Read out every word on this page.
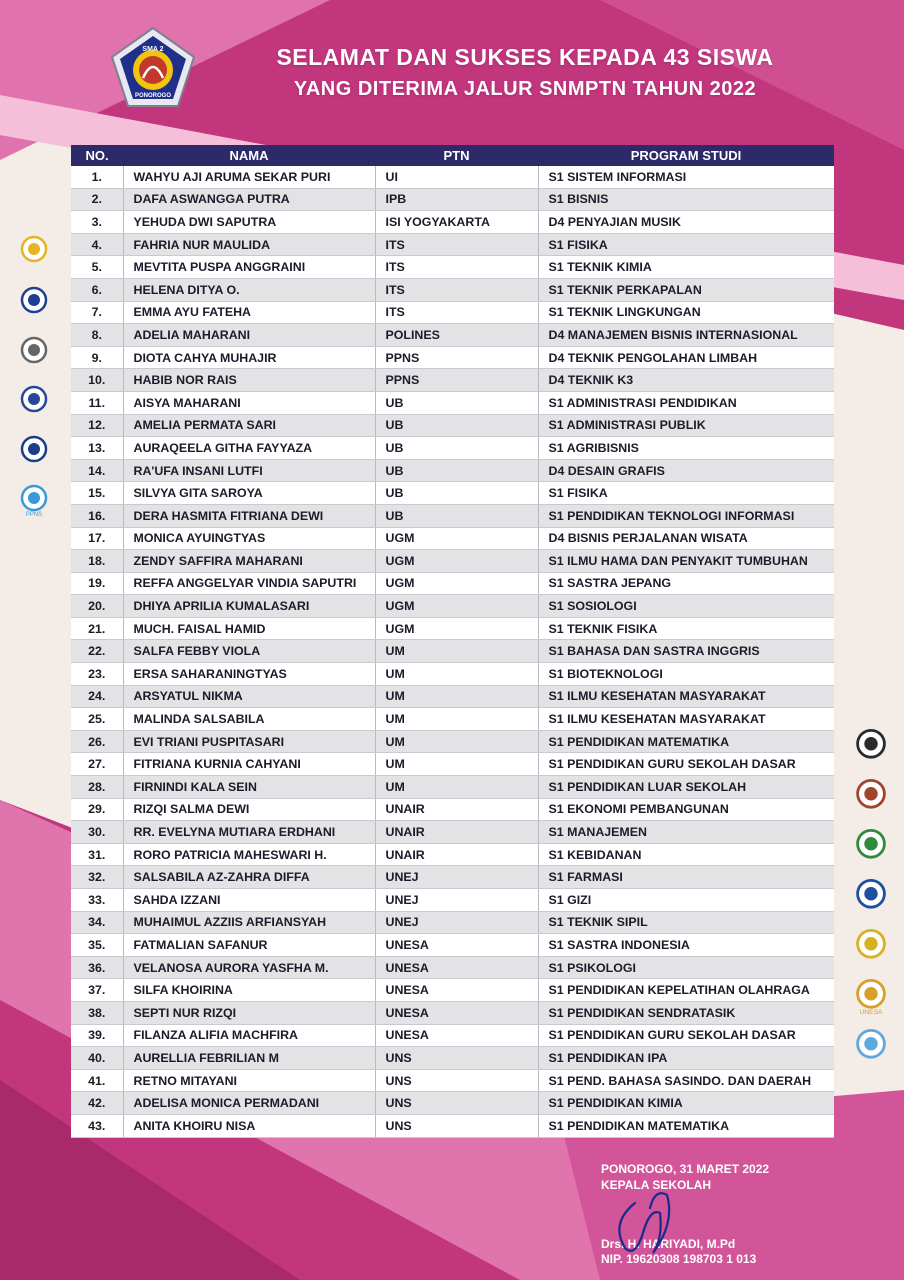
SMA 2
PONOROGO
SELAMAT DAN SUKSES KEPADA 43 SISWA
YANG DITERIMA JALUR SNMPTN TAHUN 2022
NO.	NAMA	PTN	PROGRAM STUDI
1.	WAHYU AJI ARUMA SEKAR PURI	UI	S1 SISTEM INFORMASI
2.	DAFA ASWANGGA PUTRA	IPB	S1 BISNIS
3.	YEHUDA DWI SAPUTRA	ISI YOGYAKARTA	D4 PENYAJIAN MUSIK
4.	FAHRIA NUR MAULIDA	ITS	S1 FISIKA
5.	MEVTITA PUSPA ANGGRAINI	ITS	S1 TEKNIK KIMIA
6.	HELENA DITYA O.	ITS	S1 TEKNIK PERKAPALAN
7.	EMMA AYU FATEHA	ITS	S1 TEKNIK LINGKUNGAN
8.	ADELIA MAHARANI	POLINES	D4 MANAJEMEN BISNIS INTERNASIONAL
9.	DIOTA CAHYA MUHAJIR	PPNS	D4 TEKNIK PENGOLAHAN LIMBAH
10.	HABIB NOR RAIS	PPNS	D4 TEKNIK K3
11.	AISYA MAHARANI	UB	S1 ADMINISTRASI PENDIDIKAN
12.	AMELIA PERMATA SARI	UB	S1 ADMINISTRASI PUBLIK
13.	AURAQEELA GITHA FAYYAZA	UB	S1 AGRIBISNIS
14.	RA'UFA INSANI LUTFI	UB	D4 DESAIN GRAFIS
15.	SILVYA GITA SAROYA	UB	S1 FISIKA
16.	DERA HASMITA FITRIANA DEWI	UB	S1 PENDIDIKAN TEKNOLOGI INFORMASI
17.	MONICA AYUINGTYAS	UGM	D4 BISNIS PERJALANAN WISATA
18.	ZENDY SAFFIRA MAHARANI	UGM	S1 ILMU HAMA DAN PENYAKIT TUMBUHAN
19.	REFFA ANGGELYAR VINDIA SAPUTRI	UGM	S1 SASTRA JEPANG
20.	DHIYA APRILIA KUMALASARI	UGM	S1 SOSIOLOGI
21.	MUCH. FAISAL HAMID	UGM	S1 TEKNIK FISIKA
22.	SALFA FEBBY VIOLA	UM	S1 BAHASA DAN SASTRA INGGRIS
23.	ERSA SAHARANINGTYAS	UM	S1 BIOTEKNOLOGI
24.	ARSYATUL NIKMA	UM	S1 ILMU KESEHATAN MASYARAKAT
25.	MALINDA SALSABILA	UM	S1 ILMU KESEHATAN MASYARAKAT
26.	EVI TRIANI PUSPITASARI	UM	S1 PENDIDIKAN MATEMATIKA
27.	FITRIANA KURNIA CAHYANI	UM	S1 PENDIDIKAN GURU SEKOLAH DASAR
28.	FIRNINDI KALA SEIN	UM	S1 PENDIDIKAN LUAR SEKOLAH
29.	RIZQI SALMA DEWI	UNAIR	S1 EKONOMI PEMBANGUNAN
30.	RR. EVELYNA MUTIARA ERDHANI	UNAIR	S1 MANAJEMEN
31.	RORO PATRICIA MAHESWARI H.	UNAIR	S1 KEBIDANAN
32.	SALSABILA AZ-ZAHRA DIFFA	UNEJ	S1 FARMASI
33.	SAHDA IZZANI	UNEJ	S1 GIZI
34.	MUHAIMUL AZZIIS ARFIANSYAH	UNEJ	S1 TEKNIK SIPIL
35.	FATMALIAN SAFANUR	UNESA	S1 SASTRA INDONESIA
36.	VELANOSA AURORA YASFHA M.	UNESA	S1 PSIKOLOGI
37.	SILFA KHOIRINA	UNESA	S1 PENDIDIKAN KEPELATIHAN OLAHRAGA
38.	SEPTI NUR RIZQI	UNESA	S1 PENDIDIKAN SENDRATASIK
39.	FILANZA ALIFIA MACHFIRA	UNESA	S1 PENDIDIKAN GURU SEKOLAH DASAR
40.	AURELLIA FEBRILIAN M	UNS	S1 PENDIDIKAN IPA
41.	RETNO MITAYANI	UNS	S1 PEND. BAHASA SASINDO. DAN DAERAH
42.	ADELISA MONICA PERMADANI	UNS	S1 PENDIDIKAN KIMIA
43.	ANITA KHOIRU NISA	UNS	S1 PENDIDIKAN MATEMATIKA
PPNS
UNESA
PONOROGO, 31 MARET 2022
KEPALA SEKOLAH
Drs. H. HARIYADI, M.Pd
NIP. 19620308 198703 1 013
